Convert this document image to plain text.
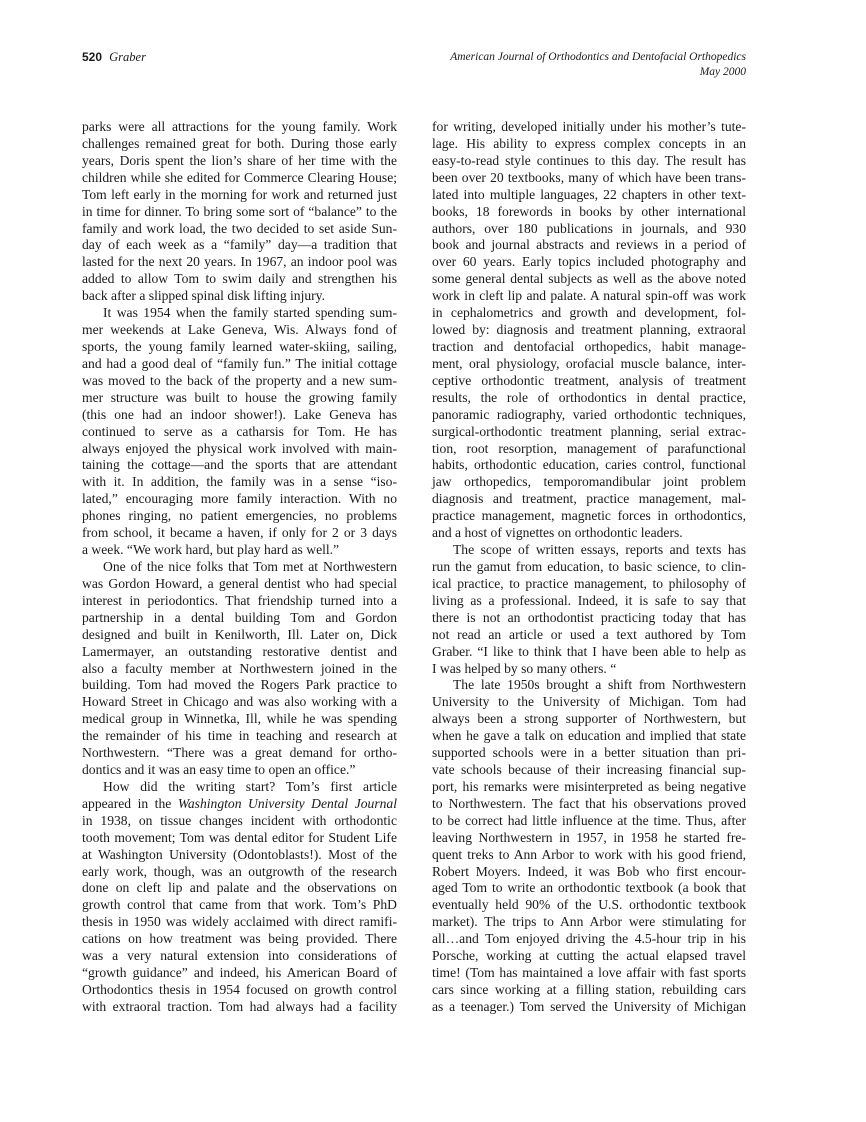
520 Graber	American Journal of Orthodontics and Dentofacial Orthopedics
May 2000
parks were all attractions for the young family. Work
challenges remained great for both. During those early
years, Doris spent the lion’s share of her time with the
children while she edited for Commerce Clearing House;
Tom left early in the morning for work and returned just
in time for dinner. To bring some sort of “balance” to the
family and work load, the two decided to set aside Sun-
day of each week as a “family” day—a tradition that
lasted for the next 20 years. In 1967, an indoor pool was
added to allow Tom to swim daily and strengthen his
back after a slipped spinal disk lifting injury.
It was 1954 when the family started spending sum-
mer weekends at Lake Geneva, Wis. Always fond of
sports, the young family learned water-skiing, sailing,
and had a good deal of “family fun.” The initial cottage
was moved to the back of the property and a new sum-
mer structure was built to house the growing family
(this one had an indoor shower!). Lake Geneva has
continued to serve as a catharsis for Tom. He has
always enjoyed the physical work involved with main-
taining the cottage—and the sports that are attendant
with it. In addition, the family was in a sense “iso-
lated,” encouraging more family interaction. With no
phones ringing, no patient emergencies, no problems
from school, it became a haven, if only for 2 or 3 days
a week. “We work hard, but play hard as well.”
One of the nice folks that Tom met at Northwestern
was Gordon Howard, a general dentist who had special
interest in periodontics. That friendship turned into a
partnership in a dental building Tom and Gordon
designed and built in Kenilworth, Ill. Later on, Dick
Lamermayer, an outstanding restorative dentist and
also a faculty member at Northwestern joined in the
building. Tom had moved the Rogers Park practice to
Howard Street in Chicago and was also working with a
medical group in Winnetka, Ill, while he was spending
the remainder of his time in teaching and research at
Northwestern. “There was a great demand for ortho-
dontics and it was an easy time to open an office.”
How did the writing start? Tom’s first article
appeared in the Washington University Dental Journal
in 1938, on tissue changes incident with orthodontic
tooth movement; Tom was dental editor for Student Life
at Washington University (Odontoblasts!). Most of the
early work, though, was an outgrowth of the research
done on cleft lip and palate and the observations on
growth control that came from that work. Tom’s PhD
thesis in 1950 was widely acclaimed with direct ramifi-
cations on how treatment was being provided. There
was a very natural extension into considerations of
“growth guidance” and indeed, his American Board of
Orthodontics thesis in 1954 focused on growth control
with extraoral traction. Tom had always had a facility
for writing, developed initially under his mother’s tute-
lage. His ability to express complex concepts in an
easy-to-read style continues to this day. The result has
been over 20 textbooks, many of which have been trans-
lated into multiple languages, 22 chapters in other text-
books, 18 forewords in books by other international
authors, over 180 publications in journals, and 930
book and journal abstracts and reviews in a period of
over 60 years. Early topics included photography and
some general dental subjects as well as the above noted
work in cleft lip and palate. A natural spin-off was work
in cephalometrics and growth and development, fol-
lowed by: diagnosis and treatment planning, extraoral
traction and dentofacial orthopedics, habit manage-
ment, oral physiology, orofacial muscle balance, inter-
ceptive orthodontic treatment, analysis of treatment
results, the role of orthodontics in dental practice,
panoramic radiography, varied orthodontic techniques,
surgical-orthodontic treatment planning, serial extrac-
tion, root resorption, management of parafunctional
habits, orthodontic education, caries control, functional
jaw orthopedics, temporomandibular joint problem
diagnosis and treatment, practice management, mal-
practice management, magnetic forces in orthodontics,
and a host of vignettes on orthodontic leaders.
The scope of written essays, reports and texts has
run the gamut from education, to basic science, to clin-
ical practice, to practice management, to philosophy of
living as a professional. Indeed, it is safe to say that
there is not an orthodontist practicing today that has
not read an article or used a text authored by Tom
Graber. “I like to think that I have been able to help as
I was helped by so many others. “
The late 1950s brought a shift from Northwestern
University to the University of Michigan. Tom had
always been a strong supporter of Northwestern, but
when he gave a talk on education and implied that state
supported schools were in a better situation than pri-
vate schools because of their increasing financial sup-
port, his remarks were misinterpreted as being negative
to Northwestern. The fact that his observations proved
to be correct had little influence at the time. Thus, after
leaving Northwestern in 1957, in 1958 he started fre-
quent treks to Ann Arbor to work with his good friend,
Robert Moyers. Indeed, it was Bob who first encour-
aged Tom to write an orthodontic textbook (a book that
eventually held 90% of the U.S. orthodontic textbook
market). The trips to Ann Arbor were stimulating for
all…and Tom enjoyed driving the 4.5-hour trip in his
Porsche, working at cutting the actual elapsed travel
time! (Tom has maintained a love affair with fast sports
cars since working at a filling station, rebuilding cars
as a teenager.) Tom served the University of Michigan
